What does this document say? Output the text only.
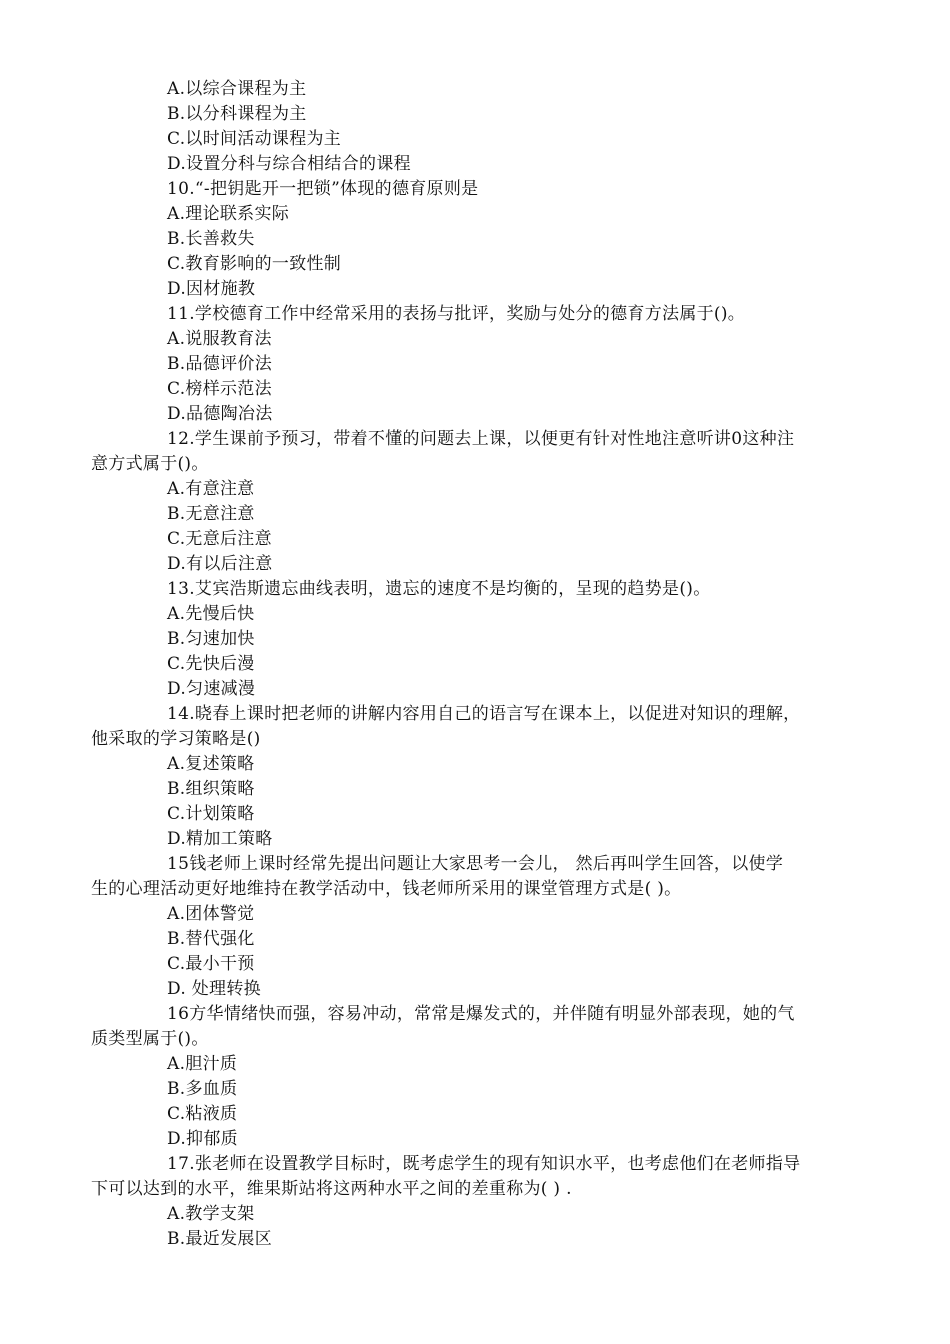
A.以综合课程为主

B.以分科课程为主

C.以时间活动课程为主

D.设置分科与综合相结合的课程

10.“-把钥匙开一把锁”体现的德育原则是

A.理论联系实际

B.长善救失

C.教育影响的一致性制

D.因材施教

11.学校德育工作中经常采用的表扬与批评，奖励与处分的德育方法属于()。

A.说服教育法

B.品德评价法

C.榜样示范法

D.品德陶冶法

12.学生课前予预习，带着不懂的问题去上课，以便更有针对性地注意听讲0这种注

意方式属于()。

A.有意注意

B.无意注意

C.无意后注意

D.有以后注意

13.艾宾浩斯遗忘曲线表明，遗忘的速度不是均衡的，呈现的趋势是()。

A.先慢后快

B.匀速加快

C.先快后漫

D.匀速减漫

14.晓春上课时把老师的讲解内容用自己的语言写在课本上，以促进对知识的理解，

他采取的学习策略是()

A.复述策略

B.组织策略

C.计划策略

D.精加工策略

15钱老师上课时经常先提出问题让大家思考一会儿， 然后再叫学生回答，以使学

生的心理活动更好地维持在教学活动中，钱老师所采用的课堂管理方式是( )。

A.团体警觉

B.替代强化

C.最小干预

D. 处理转换

16方华情绪快而强，容易冲动，常常是爆发式的，并伴随有明显外部表现，她的气

质类型属于()。

A.胆汁质

B.多血质

C.粘液质

D.抑郁质

17.张老师在设置教学目标时，既考虑学生的现有知识水平，也考虑他们在老师指导

下可以达到的水平，维果斯站将这两种水平之间的差重称为( ) .

A.教学支架

B.最近发展区
